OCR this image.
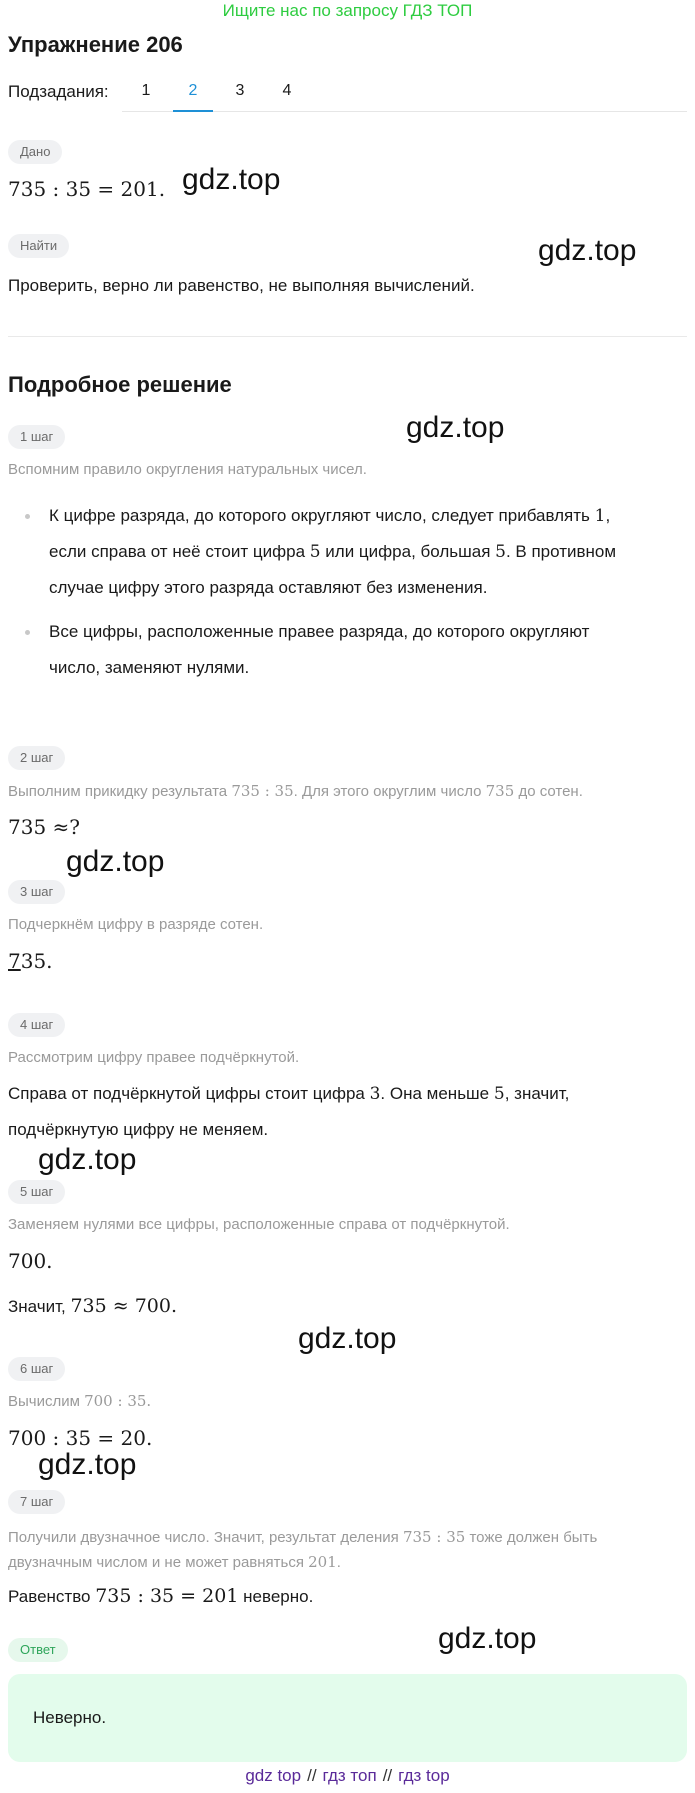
Ищите нас по запросу ГДЗ ТОП
Упражнение 206
Подзадания:	1	2	3	4
Дано
735 : 35 = 201.
Найти
Проверить, верно ли равенство, не выполняя вычислений.
Подробное решение
1 шаг
Вспомним правило округления натуральных чисел.
К цифре разряда, до которого округляют число, следует прибавлять 1,
если справа от неё стоит цифра 5 или цифра, большая 5. В противном
случае цифру этого разряда оставляют без изменения.
Все цифры, расположенные правее разряда, до которого округляют
число, заменяют нулями.
2 шаг
Выполним прикидку результата 735 : 35. Для этого округлим число 735 до сотен.
735 ≈?
3 шаг
Подчеркнём цифру в разряде сотен.
735.
4 шаг
Рассмотрим цифру правее подчёркнутой.
Справа от подчёркнутой цифры стоит цифра 3. Она меньше 5, значит,
подчёркнутую цифру не меняем.
5 шаг
Заменяем нулями все цифры, расположенные справа от подчёркнутой.
700.
Значит, 735 ≈ 700.
6 шаг
Вычислим 700 : 35.
700 : 35 = 20.
7 шаг
Получили двузначное число. Значит, результат деления 735 : 35 тоже должен быть
двузначным числом и не может равняться 201.
Равенство 735 : 35 = 201 неверно.
Ответ
Неверно.
gdz.top
gdz.top
gdz.top
gdz.top
gdz.top
gdz.top
gdz.top
gdz.top
gdz top // гдз топ // гдз top
